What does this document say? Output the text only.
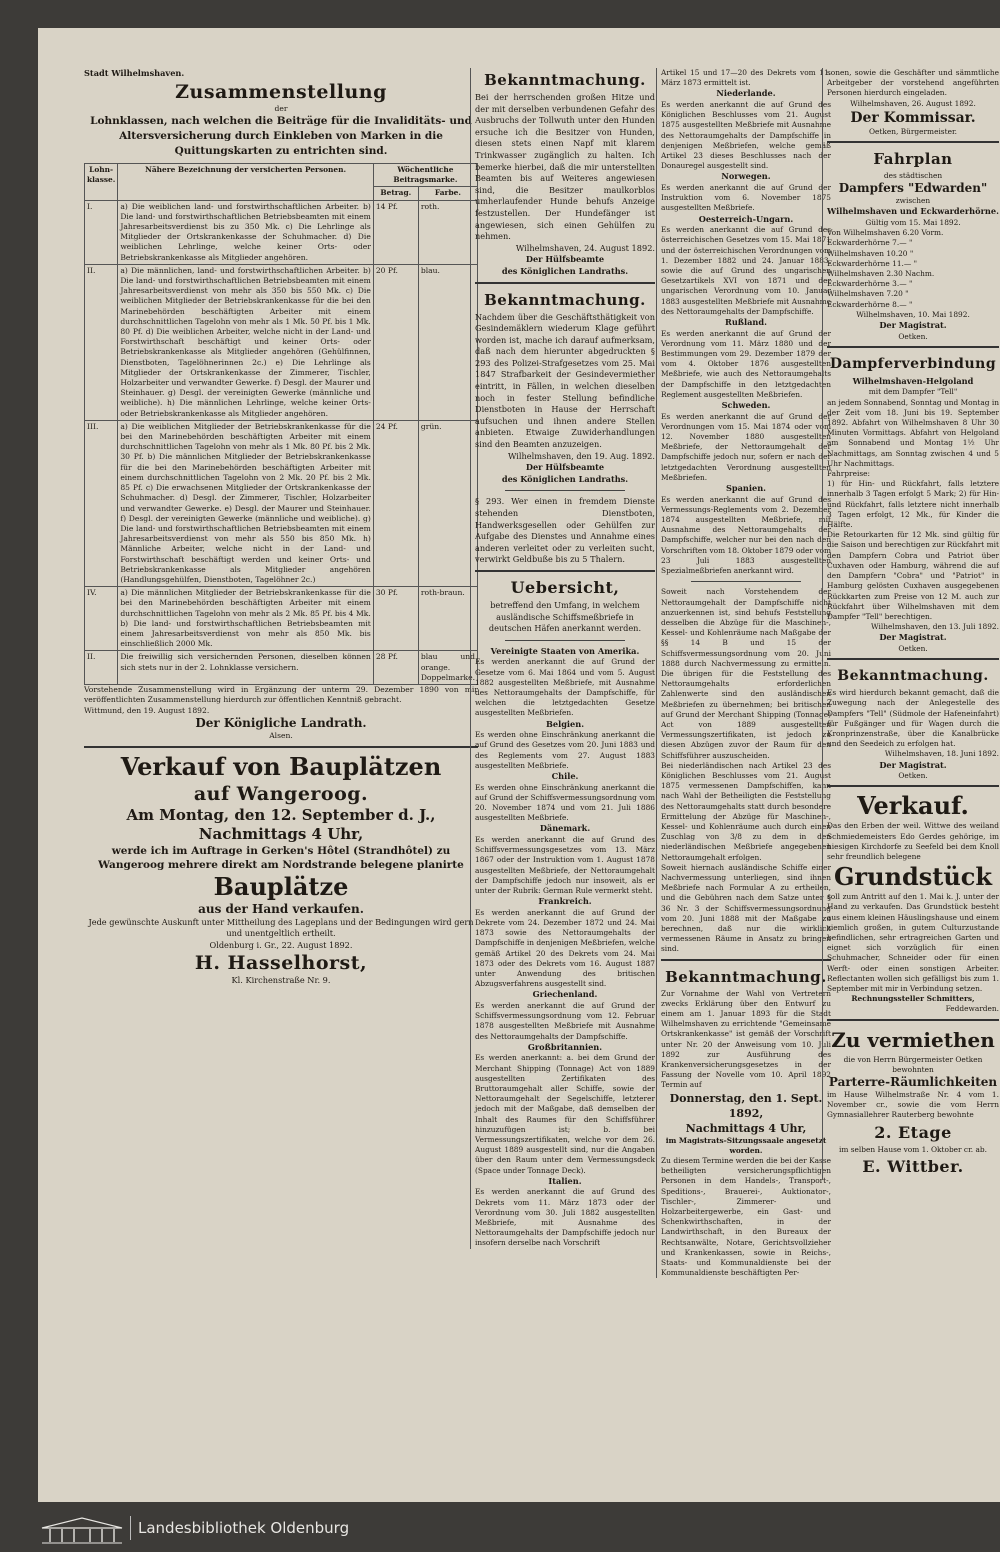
Stadt Wilhelmshaven.
Zusammenstellung
der
Lohnklassen, nach welchen die Beiträge für die Invaliditäts- und Altersversicherung durch Einkleben von Marken in die Quittungskarten zu entrichten sind.
Lohn-klasse.	Nähere Bezeichnung der versicherten Personen.	Wöchentliche Beitragsmarke.	
		Betrag.	Farbe.
I.	a) Die weiblichen land- und forstwirthschaftlichen Arbeiter. b) Die land- und forstwirthschaftlichen Betriebsbeamten mit einem Jahresarbeitsverdienst bis zu 350 Mk. c) Die Lehrlinge als Mitglieder der Ortskrankenkasse der Schuhmacher. d) Die weiblichen Lehrlinge, welche keiner Orts- oder Betriebskrankenkasse als Mitglieder angehören.	14 Pf.	roth.
II.	a) Die männlichen, land- und forstwirthschaftlichen Arbeiter. b) Die land- und forstwirthschaftlichen Betriebsbeamten mit einem Jahresarbeitsverdienst von mehr als 350 bis 550 Mk. c) Die weiblichen Mitglieder der Betriebskrankenkasse für die bei den Marinebehörden beschäftigten Arbeiter mit einem durchschnittlichen Tagelohn von mehr als 1 Mk. 50 Pf. bis 1 Mk. 80 Pf. d) Die weiblichen Arbeiter, welche nicht in der Land- und Forstwirthschaft beschäftigt und keiner Orts- oder Betriebskrankenkasse als Mitglieder angehören (Gehülfinnen, Dienstboten, Tagelöhnerinnen 2c.) e) Die Lehrlinge als Mitglieder der Ortskrankenkasse der Zimmerer, Tischler, Holzarbeiter und verwandter Gewerke. f) Desgl. der Maurer und Steinhauer. g) Desgl. der vereinigten Gewerke (männliche und weibliche). h) Die männlichen Lehrlinge, welche keiner Orts- oder Betriebskrankenkasse als Mitglieder angehören.	20 Pf.	blau.
III.	a) Die weiblichen Mitglieder der Betriebskrankenkasse für die bei den Marinebehörden beschäftigten Arbeiter mit einem durchschnittlichen Tagelohn von mehr als 1 Mk. 80 Pf. bis 2 Mk. 30 Pf. b) Die männlichen Mitglieder der Betriebskrankenkasse für die bei den Marinebehörden beschäftigten Arbeiter mit einem durchschnittlichen Tagelohn von 2 Mk. 20 Pf. bis 2 Mk. 85 Pf. c) Die erwachsenen Mitglieder der Ortskrankenkasse der Schuhmacher. d) Desgl. der Zimmerer, Tischler, Holzarbeiter und verwandter Gewerke. e) Desgl. der Maurer und Steinhauer. f) Desgl. der vereinigten Gewerke (männliche und weibliche). g) Die land- und forstwirthschaftlichen Betriebsbeamten mit einem Jahresarbeitsverdienst von mehr als 550 bis 850 Mk. h) Männliche Arbeiter, welche nicht in der Land- und Forstwirthschaft beschäftigt werden und keiner Orts- und Betriebskrankenkasse als Mitglieder angehören (Handlungsgehülfen, Dienstboten, Tagelöhner 2c.)	24 Pf.	grün.
IV.	a) Die männlichen Mitglieder der Betriebskrankenkasse für die bei den Marinebehörden beschäftigten Arbeiter mit einem durchschnittlichen Tagelohn von mehr als 2 Mk. 85 Pf. bis 4 Mk. b) Die land- und forstwirthschaftlichen Betriebsbeamten mit einem Jahresarbeitsverdienst von mehr als 850 Mk. bis einschließlich 2000 Mk.	30 Pf.	roth-braun.
II.	Die freiwillig sich versichernden Personen, dieselben können sich stets nur in der 2. Lohnklasse versichern.	28 Pf.	blau und orange. Doppelmarke.

Vorstehende Zusammenstellung wird in Ergänzung der unterm 29. Dezember 1890 von mir veröffentlichten Zusammenstellung hierdurch zur öffentlichen Kenntniß gebracht.

Wittmund, den 19. August 1892.
Der Königliche Landrath.
Alsen.
Verkauf von Bauplätzen
auf Wangeroog.
Am Montag, den 12. September d. J.,
Nachmittags 4 Uhr,
werde ich im Auftrage in Gerken's Hôtel (Strandhôtel) zu Wangeroog mehrere direkt am Nordstrande belegene planirte
Bauplätze
aus der Hand verkaufen.
Jede gewünschte Auskunft unter Mittheilung des Lageplans und der Bedingungen wird gern und unentgeltlich ertheilt.
Oldenburg i. Gr., 22. August 1892.
H. Hasselhorst,
Kl. Kirchenstraße Nr. 9.
Bekanntmachung.

Bei der herrschenden großen Hitze und der mit derselben verbundenen Gefahr des Ausbruchs der Tollwuth unter den Hunden ersuche ich die Besitzer von Hunden, diesen stets einen Napf mit klarem Trinkwasser zugänglich zu halten. Ich bemerke hierbei, daß die mir unterstellten Beamten bis auf Weiteres angewiesen sind, die Besitzer maulkorblos umherlaufender Hunde behufs Anzeige festzustellen. Der Hundefänger ist angewiesen, sich einen Gehülfen zu nehmen.

Wilhelmshaven, 24. August 1892.
Der Hülfsbeamte
des Königlichen Landraths.
Bekanntmachung.

Nachdem über die Geschäftsthätigkeit von Gesindemäklern wiederum Klage geführt worden ist, mache ich darauf aufmerksam, daß nach dem hierunter abgedruckten § 293 des Polizei-Strafgesetzes vom 25. Mai 1847 Strafbarkeit der Gesindevermiether eintritt, in Fällen, in welchen dieselben noch in fester Stellung befindliche Dienstboten in Hause der Herrschaft aufsuchen und ihnen andere Stellen anbieten. Etwaige Zuwiderhandlungen sind den Beamten anzuzeigen.

Wilhelmshaven, den 19. Aug. 1892.
Der Hülfsbeamte
des Königlichen Landraths.

§ 293. Wer einen in fremdem Dienste stehenden Dienstboten, Handwerksgesellen oder Gehülfen zur Aufgabe des Dienstes und Annahme eines anderen verleitet oder zu verleiten sucht, verwirkt Geldbuße bis zu 5 Thalern.

Uebersicht,

betreffend den Umfang, in welchem ausländische Schiffsmeßbriefe in deutschen Häfen anerkannt werden.

Vereinigte Staaten von Amerika.

Es werden anerkannt die auf Grund der Gesetze vom 6. Mai 1864 und vom 5. August 1882 ausgestellten Meßbriefe, mit Ausnahme des Nettoraumgehalts der Dampfschiffe, für welchen die letztgedachten Gesetze ausgestellten Meßbriefen.

Belgien.

Es werden ohne Einschränkung anerkannt die auf Grund des Gesetzes vom 20. Juni 1883 und des Reglements vom 27. August 1883 ausgestellten Meßbriefe.

Chile.

Es werden ohne Einschränkung anerkannt die auf Grund der Schiffsvermessungsordnung vom 20. November 1874 und vom 21. Juli 1886 ausgestellten Meßbriefe.

Dänemark.

Es werden anerkannt die auf Grund des Schiffsvermessungsgesetzes vom 13. März 1867 oder der Instruktion vom 1. August 1878 ausgestellten Meßbriefe, der Nettoraumgehalt der Dampfschiffe jedoch nur insoweit, als er unter der Rubrik: German Rule vermerkt steht.

Frankreich.

Es werden anerkannt die auf Grund der Dekrete vom 24. Dezember 1872 und 24. Mai 1873 sowie des Nettoraumgehalts der Dampfschiffe in denjenigen Meßbriefen, welche gemäß Artikel 20 des Dekrets vom 24. Mai 1873 oder des Dekrets vom 16. August 1887 unter Anwendung des britischen Abzugsverfahrens ausgestellt sind.

Griechenland.

Es werden anerkannt die auf Grund der Schiffsvermessungsordnung vom 12. Februar 1878 ausgestellten Meßbriefe mit Ausnahme des Nettoraumgehalts der Dampfschiffe.

Großbritannien.

Es werden anerkannt: a. bei dem Grund der Merchant Shipping (Tonnage) Act von 1889 ausgestellten Zertifikaten des Bruttoraumgehalt aller Schiffe, sowie der Nettoraumgehalt der Segelschiffe, letzterer jedoch mit der Maßgabe, daß demselben der Inhalt des Raumes für den Schiffsführer hinzuzufügen ist; b. bei Vermessungszertifikaten, welche vor dem 26. August 1889 ausgestellt sind, nur die Angaben über den Raum unter dem Vermessungsdeck (Space under Tonnage Deck).

Italien.

Es werden anerkannt die auf Grund des Dekrets vom 11. März 1873 oder der Verordnung vom 30. Juli 1882 ausgestellten Meßbriefe, mit Ausnahme des Nettoraumgehalts der Dampfschiffe jedoch nur insofern derselbe nach Vorschrift

Artikel 15 und 17—20 des Dekrets vom 11. März 1873 ermittelt ist.

Niederlande.

Es werden anerkannt die auf Grund des Königlichen Beschlusses vom 21. August 1875 ausgestellten Meßbriefe mit Ausnahme des Nettoraumgehalts der Dampfschiffe in denjenigen Meßbriefen, welche gemäß Artikel 23 dieses Beschlusses nach der Donauregel ausgestellt sind.

Norwegen.

Es werden anerkannt die auf Grund der Instruktion vom 6. November 1875 ausgestellten Meßbriefe.

Oesterreich-Ungarn.

Es werden anerkannt die auf Grund des österreichischen Gesetzes vom 15. Mai 1871 und der österreichischen Verordnungen vom 1. Dezember 1882 und 24. Januar 1883, sowie die auf Grund des ungarischen Gesetzartikels XVI von 1871 und der ungarischen Verordnung vom 10. Januar 1883 ausgestellten Meßbriefe mit Ausnahme des Nettoraumgehalts der Dampfschiffe.

Rußland.

Es werden anerkannt die auf Grund der Verordnung vom 11. März 1880 und der Bestimmungen vom 29. Dezember 1879 der vom 4. Oktober 1876 ausgestellten Meßbriefe, wie auch des Nettoraumgehalts der Dampfschiffe in den letztgedachten Reglement ausgestellten Meßbriefen.

Schweden.

Es werden anerkannt die auf Grund der Verordnungen vom 15. Mai 1874 oder vom 12. November 1880 ausgestellten Meßbriefe, der Nettoraumgehalt der Dampfschiffe jedoch nur, sofern er nach der letztgedachten Verordnung ausgestellten Meßbriefen.

Spanien.

Es werden anerkannt die auf Grund des Vermessungs-Reglements vom 2. Dezember 1874 ausgestellten Meßbriefe, mit Ausnahme des Nettoraumgehalts der Dampfschiffe, welcher nur bei den nach den Vorschriften vom 18. Oktober 1879 oder vom 23 Juli 1883 ausgestellten Spezialmeßbriefen anerkannt wird.

Soweit nach Vorstehendem der Nettoraumgehalt der Dampfschiffe nicht anzuerkennen ist, sind behufs Feststellung desselben die Abzüge für die Maschinen-, Kessel- und Kohlenräume nach Maßgabe der §§ 14 B und 15 der Schiffsvermessungsordnung vom 20. Juni 1888 durch Nachvermessung zu ermitteln. Die übrigen für die Feststellung des Nettoraumgehalts erforderlichen Zahlenwerte sind den ausländischen Meßbriefen zu übernehmen; bei britischen auf Grund der Merchant Shipping (Tonnage) Act von 1889 ausgestellten Vermessungszertifikaten, ist jedoch zu diesen Abzügen zuvor der Raum für den Schiffsführer auszuscheiden.

Bei niederländischen nach Artikel 23 des Königlichen Beschlusses vom 21. August 1875 vermessenen Dampfschiffen, kann nach Wahl der Betheiligten die Feststellung des Nettoraumgehalts statt durch besondere Ermittelung der Abzüge für Maschinen-, Kessel- und Kohlenräume auch durch einen Zuschlag von 3/8 zu dem in den niederländischen Meßbriefe angegebenen Nettoraumgehalt erfolgen.

Soweit hiernach ausländische Schiffe einer Nachvermessung unterliegen, sind ihnen Meßbriefe nach Formular A zu ertheilen, und die Gebühren nach dem Satze unter § 36 Nr. 3 der Schiffsvermessungsordnung vom 20. Juni 1888 mit der Maßgabe zu berechnen, daß nur die wirklich vermessenen Räume in Ansatz zu bringen sind.

Bekanntmachung.

Zur Vornahme der Wahl von Vertretern zwecks Erklärung über den Entwurf zu einem am 1. Januar 1893 für die Stadt Wilhelmshaven zu errichtende "Gemeinsame Ortskrankenkasse" ist gemäß der Vorschrift unter Nr. 20 der Anweisung vom 10. Juli 1892 zur Ausführung des Krankenversicherungsgesetzes in der Fassung der Novelle vom 10. April 1892 Termin auf

Donnerstag, den 1. Sept. 1892,
Nachmittags 4 Uhr,
im Magistrats-Sitzungssaale angesetzt worden.

Zu diesem Termine werden die bei der Kasse betheiligten versicherungspflichtigen Personen in dem Handels-, Transport-, Speditions-, Brauerei-, Auktionator-, Tischler-, Zimmerer- und Holzarbeitergewerbe, ein Gast- und Schenkwirthschaften, in der Landwirthschaft, in den Bureaux der Rechtsanwälte, Notare, Gerichtsvollzieher und Krankenkassen, sowie in Reichs-, Staats- und Kommunaldienste bei der Kommunaldienste beschäftigten Per-

sonen, sowie die Geschäfter und sämmtliche Arbeitgeber der vorstehend angeführten Personen hierdurch eingeladen.

Wilhelmshaven, 26. August 1892.
Der Kommissar.
Oetken, Bürgermeister.
Fahrplan
des städtischen
Dampfers "Edwarden"
zwischen
Wilhelmshaven und Eckwarderhörne.
Gültig vom 15. Mai 1892.
Von Wilhelmshaven 6.20 Vorm.
Eckwarderhörne 7.— "
Wilhelmshaven 10.20 "
Eckwarderhörne 11.— "
Wilhelmshaven 2.30 Nachm.
Eckwarderhörne 3.— "
Wilhelmshaven 7.20 "
Eckwarderhörne 8.— "
Wilhelmshaven, 10. Mai 1892.
Der Magistrat.
Oetken.
Dampferverbindung
Wilhelmshaven-Helgoland
mit dem Dampfer "Tell"

an jedem Sonnabend, Sonntag und Montag in der Zeit vom 18. Juni bis 19. September 1892. Abfahrt von Wilhelmshaven 8 Uhr 30 Minuten Vormittags. Abfahrt von Helgoland am Sonnabend und Montag 1½ Uhr Nachmittags, am Sonntag zwischen 4 und 5 Uhr Nachmittags.

Fahrpreise:

1) für Hin- und Rückfahrt, falls letztere innerhalb 3 Tagen erfolgt 5 Mark; 2) für Hin- und Rückfahrt, falls letztere nicht innerhalb 3 Tagen erfolgt, 12 Mk., für Kinder die Hälfte.

Die Retourkarten für 12 Mk. sind gültig für die Saison und berechtigen zur Rückfahrt mit den Dampfern Cobra und Patriot über Cuxhaven oder Hamburg, während die auf den Dampfern "Cobra" und "Patriot" in Hamburg gelösten Cuxhaven ausgegebenen Rückkarten zum Preise von 12 M. auch zur Rückfahrt über Wilhelmshaven mit dem Dampfer "Tell" berechtigen.

Wilhelmshaven, den 13. Juli 1892.
Der Magistrat.
Oetken.
Bekanntmachung.

Es wird hierdurch bekannt gemacht, daß die Zuwegung nach der Anlegestelle des Dampfers "Tell" (Südmole der Hafeneinfahrt) für Fußgänger und für Wagen durch die Kronprinzenstraße, über die Kanalbrücke und den Seedeich zu erfolgen hat.

Wilhelmshaven, 18. Juni 1892.
Der Magistrat.
Oetken.
Verkauf.

Das den Erben der weil. Wittwe des weiland Schmiedemeisters Edo Gerdes gehörige, im hiesigen Kirchdorfe zu Seefeld bei dem Knoll sehr freundlich belegene

Grundstück

soll zum Antritt auf den 1. Mai k. J. unter der Hand zu verkaufen. Das Grundstück besteht aus einem kleinen Häuslingshause und einem ziemlich großen, in gutem Culturzustande befindlichen, sehr ertragreichen Garten und eignet sich vorzüglich für einen Schuhmacher, Schneider oder für einen Werft- oder einen sonstigen Arbeiter. Reflectanten wollen sich gefälligst bis zum 1. September mit mir in Verbindung setzen.

Rechnungssteller Schmitters,
Feddewarden.
Zu vermiethen
die von Herrn Bürgermeister Oetken bewohnten
Parterre-Räumlichkeiten

im Hause Wilhelmstraße Nr. 4 vom 1. November cr., sowie die vom Herrn Gymnasiallehrer Rauterberg bewohnte

2. Etage
im selben Hause vom 1. Oktober cr. ab.
E. Wittber.
Landesbibliothek Oldenburg
